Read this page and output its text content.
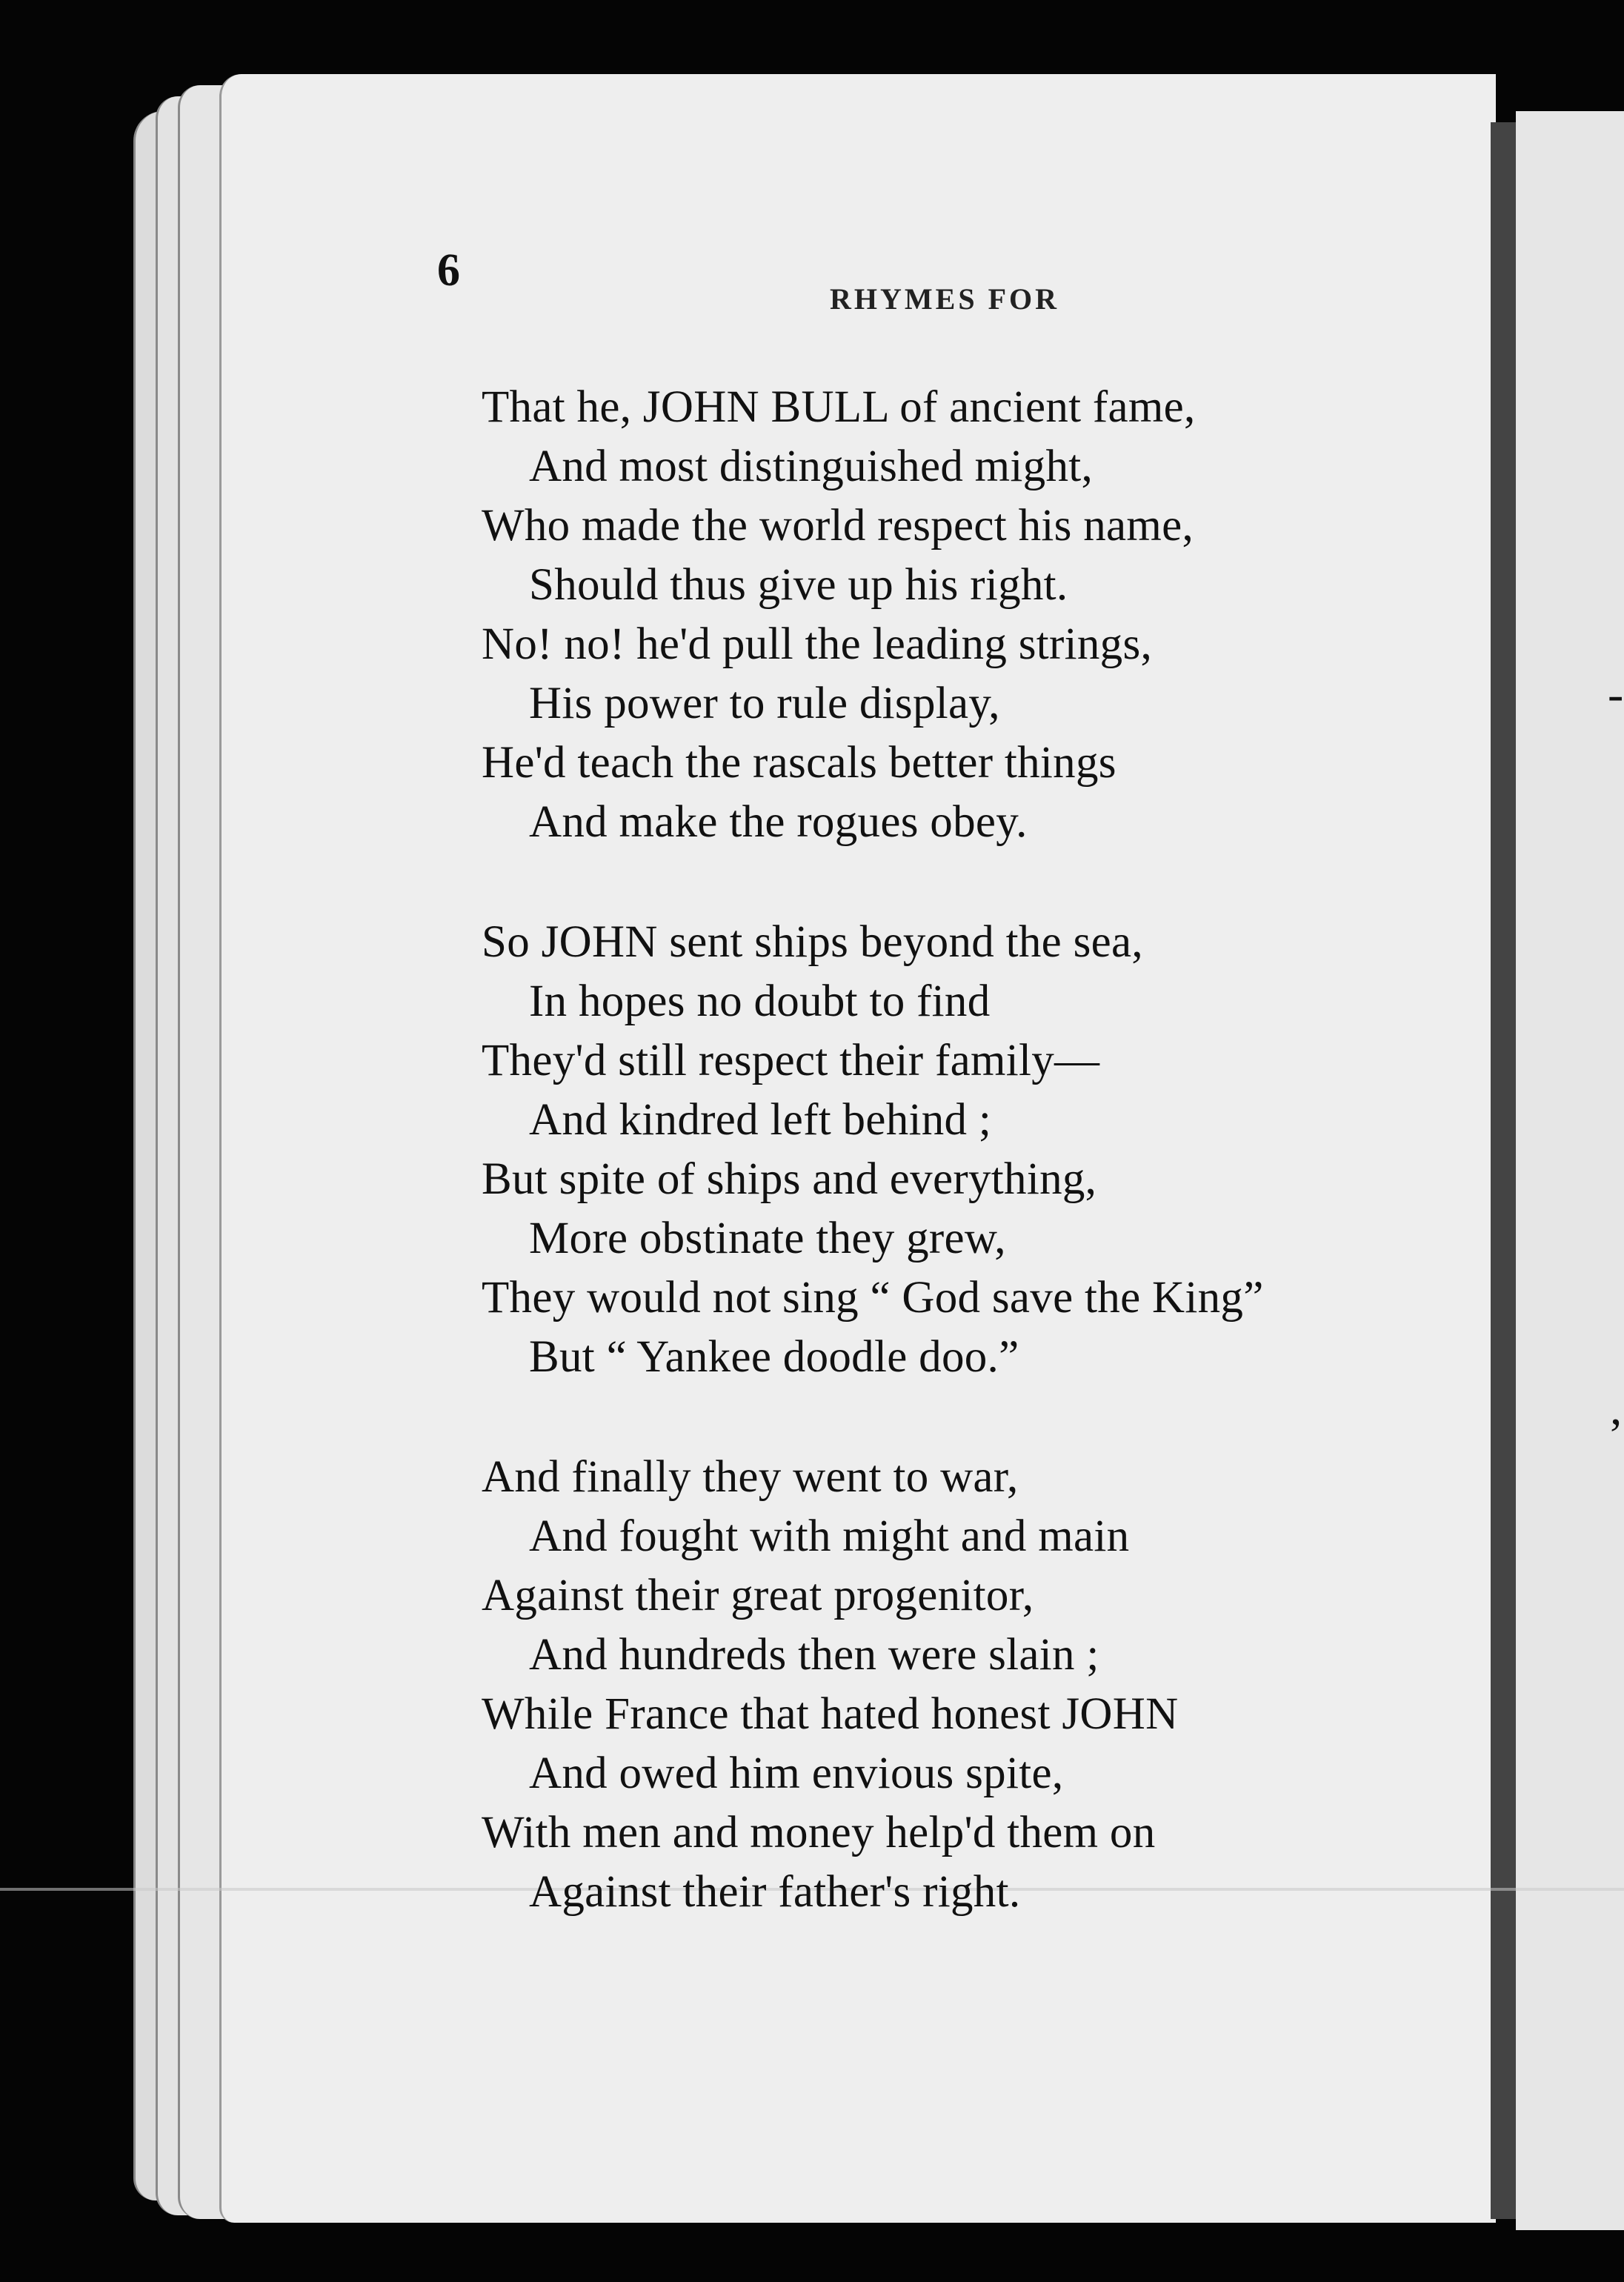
-
’
6
RHYMES FOR
That he, JOHN BULL of ancient fame,
And most distinguished might,
Who made the world respect his name,
Should thus give up his right.
No! no! he'd pull the leading strings,
His power to rule display,
He'd teach the rascals better things
And make the rogues obey.
So JOHN sent ships beyond the sea,
In hopes no doubt to find
They'd still respect their family—
And kindred left behind ;
But spite of ships and everything,
More obstinate they grew,
They would not sing “ God save the King”
But “ Yankee doodle doo.”
And finally they went to war,
And fought with might and main
Against their great progenitor,
And hundreds then were slain ;
While France that hated honest JOHN
And owed him envious spite,
With men and money help'd them on
Against their father's right.
